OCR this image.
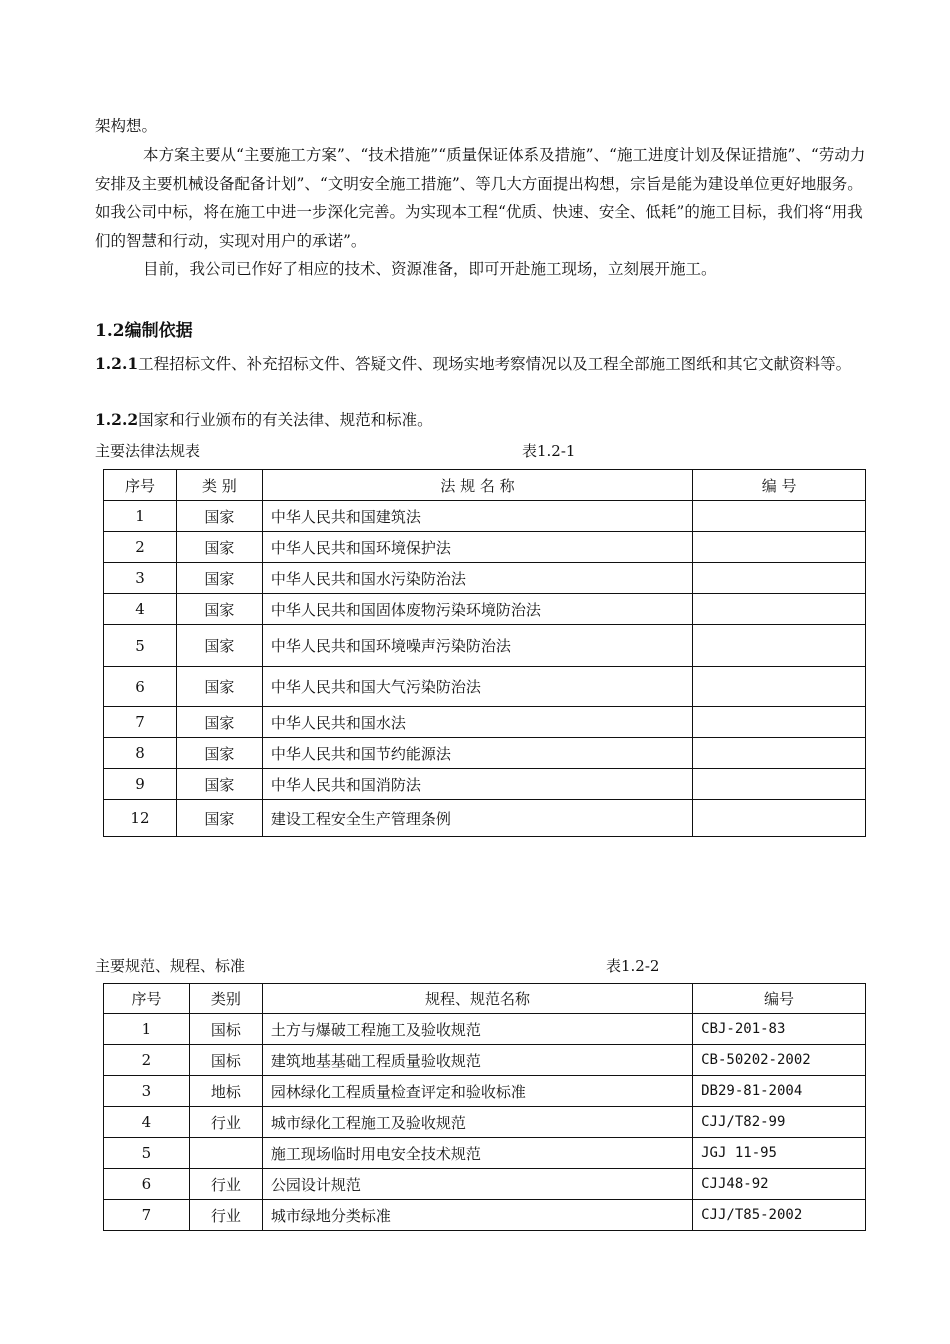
架构想。

本方案主要从“主要施工方案”、“技术措施”“质量保证体系及措施”、“施工进度计划及保证措施”、“劳动力安排及主要机械设备配备计划”、“文明安全施工措施”、等几大方面提出构想，宗旨是能为建设单位更好地服务。如我公司中标，将在施工中进一步深化完善。为实现本工程“优质、快速、安全、低耗”的施工目标，我们将“用我们的智慧和行动，实现对用户的承诺”。

目前，我公司已作好了相应的技术、资源准备，即可开赴施工现场，立刻展开施工。

1.2编制依据

1.2.1工程招标文件、补充招标文件、答疑文件、现场实地考察情况以及工程全部施工图纸和其它文献资料等。

1.2.2国家和行业颁布的有关法律、规范和标准。

主要法律法规表	表1.2-1
序号	类 别	法 规 名 称	编 号
1	国家	中华人民共和国建筑法	
2	国家	中华人民共和国环境保护法	
3	国家	中华人民共和国水污染防治法	
4	国家	中华人民共和国固体废物污染环境防治法	
5	国家	中华人民共和国环境噪声污染防治法	
6	国家	中华人民共和国大气污染防治法	
7	国家	中华人民共和国水法	
8	国家	中华人民共和国节约能源法	
9	国家	中华人民共和国消防法	
12	国家	建设工程安全生产管理条例	
主要规范、规程、标准	表1.2-2
序号	类别	规程、规范名称	编号
1	国标	土方与爆破工程施工及验收规范	CBJ-201-83
2	国标	建筑地基基础工程质量验收规范	CB-50202-2002
3	地标	园林绿化工程质量检查评定和验收标准	DB29-81-2004
4	行业	城市绿化工程施工及验收规范	CJJ/T82-99
5		施工现场临时用电安全技术规范	JGJ 11-95
6	行业	公园设计规范	CJJ48-92
7	行业	城市绿地分类标准	CJJ/T85-2002
